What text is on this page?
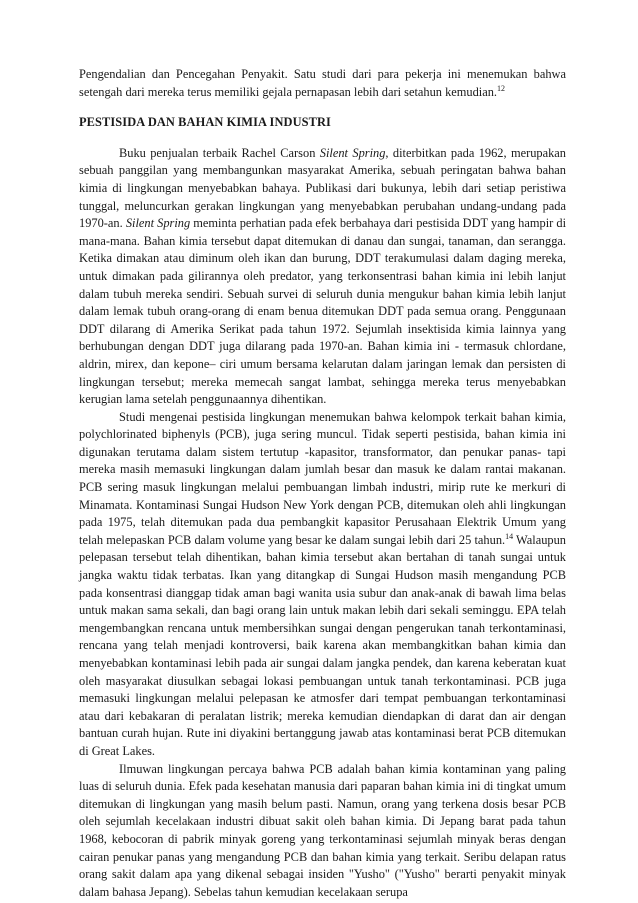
Pengendalian dan Pencegahan Penyakit. Satu studi dari para pekerja ini menemukan bahwa setengah dari mereka terus memiliki gejala pernapasan lebih dari setahun kemudian.$^{12}$

PESTISIDA DAN BAHAN KIMIA INDUSTRI

Buku penjualan terbaik Rachel Carson Silent Spring, diterbitkan pada 1962, merupakan sebuah panggilan yang membangunkan masyarakat Amerika, sebuah peringatan bahwa bahan kimia di lingkungan menyebabkan bahaya. Publikasi dari bukunya, lebih dari setiap peristiwa tunggal, meluncurkan gerakan lingkungan yang menyebabkan perubahan undang-undang pada 1970-an. Silent Spring meminta perhatian pada efek berbahaya dari pestisida DDT yang hampir di mana-mana. Bahan kimia tersebut dapat ditemukan di danau dan sungai, tanaman, dan serangga. Ketika dimakan atau diminum oleh ikan dan burung, DDT terakumulasi dalam daging mereka, untuk dimakan pada gilirannya oleh predator, yang terkonsentrasi bahan kimia ini lebih lanjut dalam tubuh mereka sendiri. Sebuah survei di seluruh dunia mengukur bahan kimia lebih lanjut dalam lemak tubuh orang-orang di enam benua ditemukan DDT pada semua orang. Penggunaan DDT dilarang di Amerika Serikat pada tahun 1972. Sejumlah insektisida kimia lainnya yang berhubungan dengan DDT juga dilarang pada 1970-an. Bahan kimia ini - termasuk chlordane, aldrin, mirex, dan kepone– ciri umum bersama kelarutan dalam jaringan lemak dan persisten di lingkungan tersebut; mereka memecah sangat lambat, sehingga mereka terus menyebabkan kerugian lama setelah penggunaannya dihentikan.

Studi mengenai pestisida lingkungan menemukan bahwa kelompok terkait bahan kimia, polychlorinated biphenyls (PCB), juga sering muncul. Tidak seperti pestisida, bahan kimia ini digunakan terutama dalam sistem tertutup -kapasitor, transformator, dan penukar panas- tapi mereka masih memasuki lingkungan dalam jumlah besar dan masuk ke dalam rantai makanan. PCB sering masuk lingkungan melalui pembuangan limbah industri, mirip rute ke merkuri di Minamata. Kontaminasi Sungai Hudson New York dengan PCB, ditemukan oleh ahli lingkungan pada 1975, telah ditemukan pada dua pembangkit kapasitor Perusahaan Elektrik Umum yang telah melepaskan PCB dalam volume yang besar ke dalam sungai lebih dari 25 tahun.$^{14}$ Walaupun pelepasan tersebut telah dihentikan, bahan kimia tersebut akan bertahan di tanah sungai untuk jangka waktu tidak terbatas. Ikan yang ditangkap di Sungai Hudson masih mengandung PCB pada konsentrasi dianggap tidak aman bagi wanita usia subur dan anak-anak di bawah lima belas untuk makan sama sekali, dan bagi orang lain untuk makan lebih dari sekali seminggu. EPA telah mengembangkan rencana untuk membersihkan sungai dengan pengerukan tanah terkontaminasi, rencana yang telah menjadi kontroversi, baik karena akan membangkitkan bahan kimia dan menyebabkan kontaminasi lebih pada air sungai dalam jangka pendek, dan karena keberatan kuat oleh masyarakat diusulkan sebagai lokasi pembuangan untuk tanah terkontaminasi. PCB juga memasuki lingkungan melalui pelepasan ke atmosfer dari tempat pembuangan terkontaminasi atau dari kebakaran di peralatan listrik; mereka kemudian diendapkan di darat dan air dengan bantuan curah hujan. Rute ini diyakini bertanggung jawab atas kontaminasi berat PCB ditemukan di Great Lakes.

Ilmuwan lingkungan percaya bahwa PCB adalah bahan kimia kontaminan yang paling luas di seluruh dunia. Efek pada kesehatan manusia dari paparan bahan kimia ini di tingkat umum ditemukan di lingkungan yang masih belum pasti. Namun, orang yang terkena dosis besar PCB oleh sejumlah kecelakaan industri dibuat sakit oleh bahan kimia. Di Jepang barat pada tahun 1968, kebocoran di pabrik minyak goreng yang terkontaminasi sejumlah minyak beras dengan cairan penukar panas yang mengandung PCB dan bahan kimia yang terkait. Seribu delapan ratus orang sakit dalam apa yang dikenal sebagai insiden "Yusho" ("Yusho" berarti penyakit minyak dalam bahasa Jepang). Sebelas tahun kemudian kecelakaan serupa
